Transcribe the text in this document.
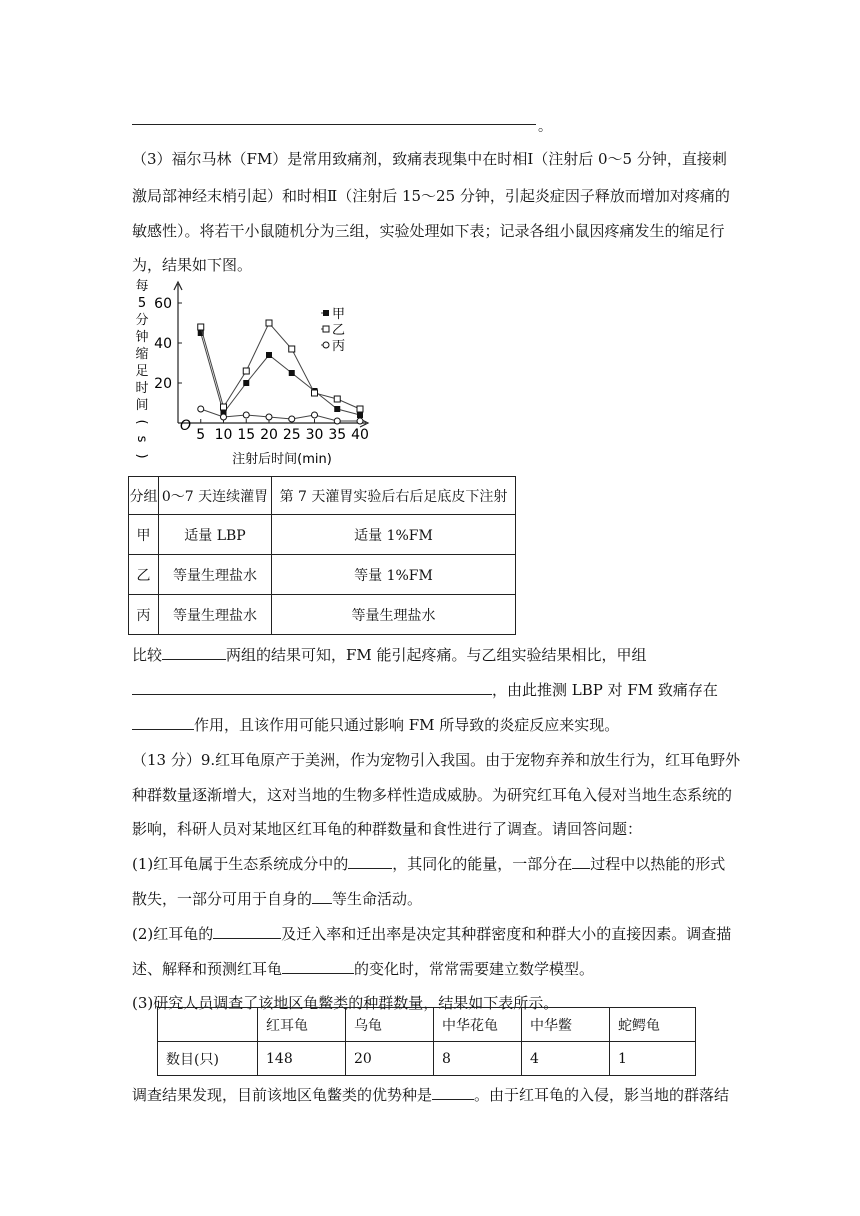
。
（3）福尔马林（FM）是常用致痛剂，致痛表现集中在时相Ⅰ（注射后 0～5 分钟，直接刺
激局部神经末梢引起）和时相Ⅱ（注射后 15～25 分钟，引起炎症因子释放而增加对疼痛的
敏感性）。将若干小鼠随机分为三组，实验处理如下表；记录各组小鼠因疼痛发生的缩足行
为，结果如下图。
每
5
分
钟
缩
足
时
间
(
s
)
5 10 15 20 25 30 35 40
20
40
60
甲
乙
丙
注射后时间(min)
O
分组	0～7 天连续灌胃	第 7 天灌胃实验后右后足底皮下注射
甲	适量 LBP	适量 1%FM
乙	等量生理盐水	等量 1%FM
丙	等量生理盐水	等量生理盐水
比较	两组的结果可知，FM 能引起疼痛。与乙组实验结果相比，甲组
，由此推测 LBP 对 FM 致痛存在
作用，且该作用可能只通过影响 FM 所导致的炎症反应来实现。
（13 分）9.红耳龟原产于美洲，作为宠物引入我国。由于宠物弃养和放生行为，红耳龟野外
种群数量逐渐增大，这对当地的生物多样性造成威胁。为研究红耳龟入侵对当地生态系统的
影响，科研人员对某地区红耳龟的种群数量和食性进行了调查。请回答问题：
(1)红耳龟属于生态系统成分中的	，其同化的能量，一部分在 过程中以热能的形式
散失，一部分可用于自身的 等生命活动。
(2)红耳龟的	及迁入率和迁出率是决定其种群密度和种群大小的直接因素。调查描
述、解释和预测红耳龟	的变化时，常常需要建立数学模型。
(3)研究人员调查了该地区龟鳖类的种群数量，结果如下表所示。
	红耳龟	乌龟	中华花龟	中华鳖	蛇鳄龟
数目(只)	148	20	8	4	1
调查结果发现，目前该地区龟鳖类的优势种是	。由于红耳龟的入侵，影当地的群落结
